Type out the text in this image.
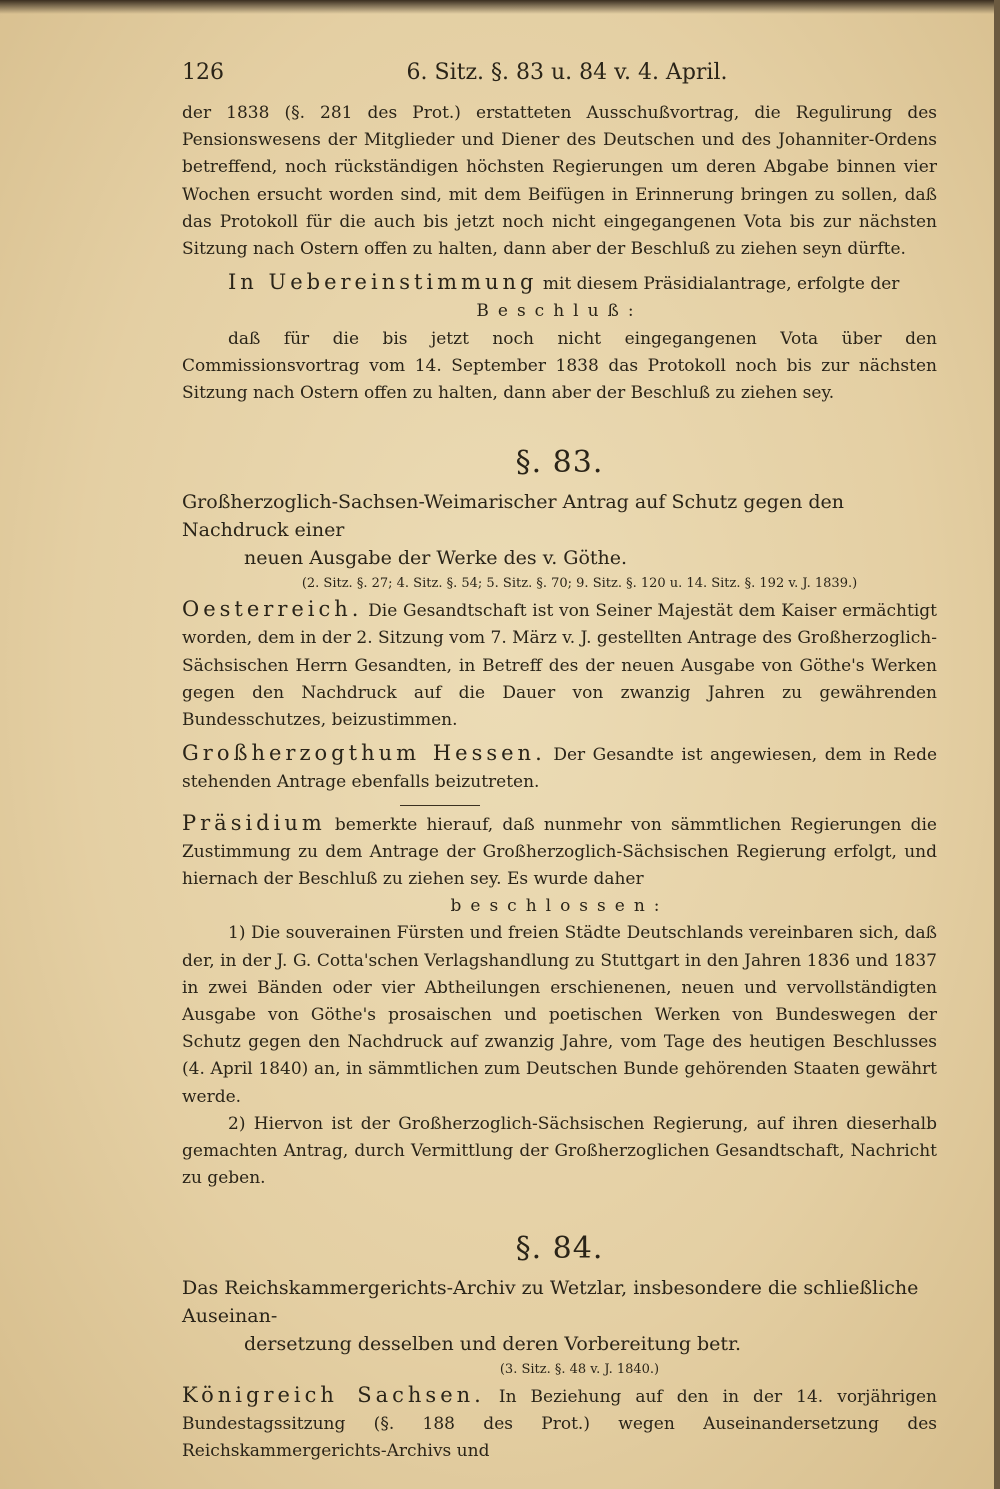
126	6. Sitz. §. 83 u. 84 v. 4. April.

der 1838 (§. 281 des Prot.) erstatteten Ausschußvortrag, die Regulirung des Pensionswesens der Mitglieder und Diener des Deutschen und des Johanniter-Ordens betreffend, noch rückständigen höchsten Regierungen um deren Abgabe binnen vier Wochen ersucht worden sind, mit dem Beifügen in Erinnerung bringen zu sollen, daß das Protokoll für die auch bis jetzt noch nicht eingegangenen Vota bis zur nächsten Sitzung nach Ostern offen zu halten, dann aber der Beschluß zu ziehen seyn dürfte.

In Uebereinstimmung mit diesem Präsidialantrage, erfolgte der

Beschluß:

daß für die bis jetzt noch nicht eingegangenen Vota über den Commissionsvortrag vom 14. September 1838 das Protokoll noch bis zur nächsten Sitzung nach Ostern offen zu halten, dann aber der Beschluß zu ziehen sey.

§. 83.
Großherzoglich-Sachsen-Weimarischer Antrag auf Schutz gegen den Nachdruck einer
neuen Ausgabe der Werke des v. Göthe.
(2. Sitz. §. 27; 4. Sitz. §. 54; 5. Sitz. §. 70; 9. Sitz. §. 120 u. 14. Sitz. §. 192 v. J. 1839.)

Oesterreich. Die Gesandtschaft ist von Seiner Majestät dem Kaiser ermächtigt worden, dem in der 2. Sitzung vom 7. März v. J. gestellten Antrage des Großherzoglich-Sächsischen Herrn Gesandten, in Betreff des der neuen Ausgabe von Göthe's Werken gegen den Nachdruck auf die Dauer von zwanzig Jahren zu gewährenden Bundesschutzes, beizustimmen.

Großherzogthum Hessen. Der Gesandte ist angewiesen, dem in Rede stehenden Antrage ebenfalls beizutreten.

Präsidium bemerkte hierauf, daß nunmehr von sämmtlichen Regierungen die Zustimmung zu dem Antrage der Großherzoglich-Sächsischen Regierung erfolgt, und hiernach der Beschluß zu ziehen sey. Es wurde daher

beschlossen:

1) Die souverainen Fürsten und freien Städte Deutschlands vereinbaren sich, daß der, in der J. G. Cotta'schen Verlagshandlung zu Stuttgart in den Jahren 1836 und 1837 in zwei Bänden oder vier Abtheilungen erschienenen, neuen und vervollständigten Ausgabe von Göthe's prosaischen und poetischen Werken von Bundeswegen der Schutz gegen den Nachdruck auf zwanzig Jahre, vom Tage des heutigen Beschlusses (4. April 1840) an, in sämmtlichen zum Deutschen Bunde gehörenden Staaten gewährt werde.

2) Hiervon ist der Großherzoglich-Sächsischen Regierung, auf ihren dieserhalb gemachten Antrag, durch Vermittlung der Großherzoglichen Gesandtschaft, Nachricht zu geben.

§. 84.
Das Reichskammergerichts-Archiv zu Wetzlar, insbesondere die schließliche Auseinan-
dersetzung desselben und deren Vorbereitung betr.
(3. Sitz. §. 48 v. J. 1840.)

Königreich Sachsen. In Beziehung auf den in der 14. vorjährigen Bundestagssitzung (§. 188 des Prot.) wegen Auseinandersetzung des Reichskammergerichts-Archivs und
